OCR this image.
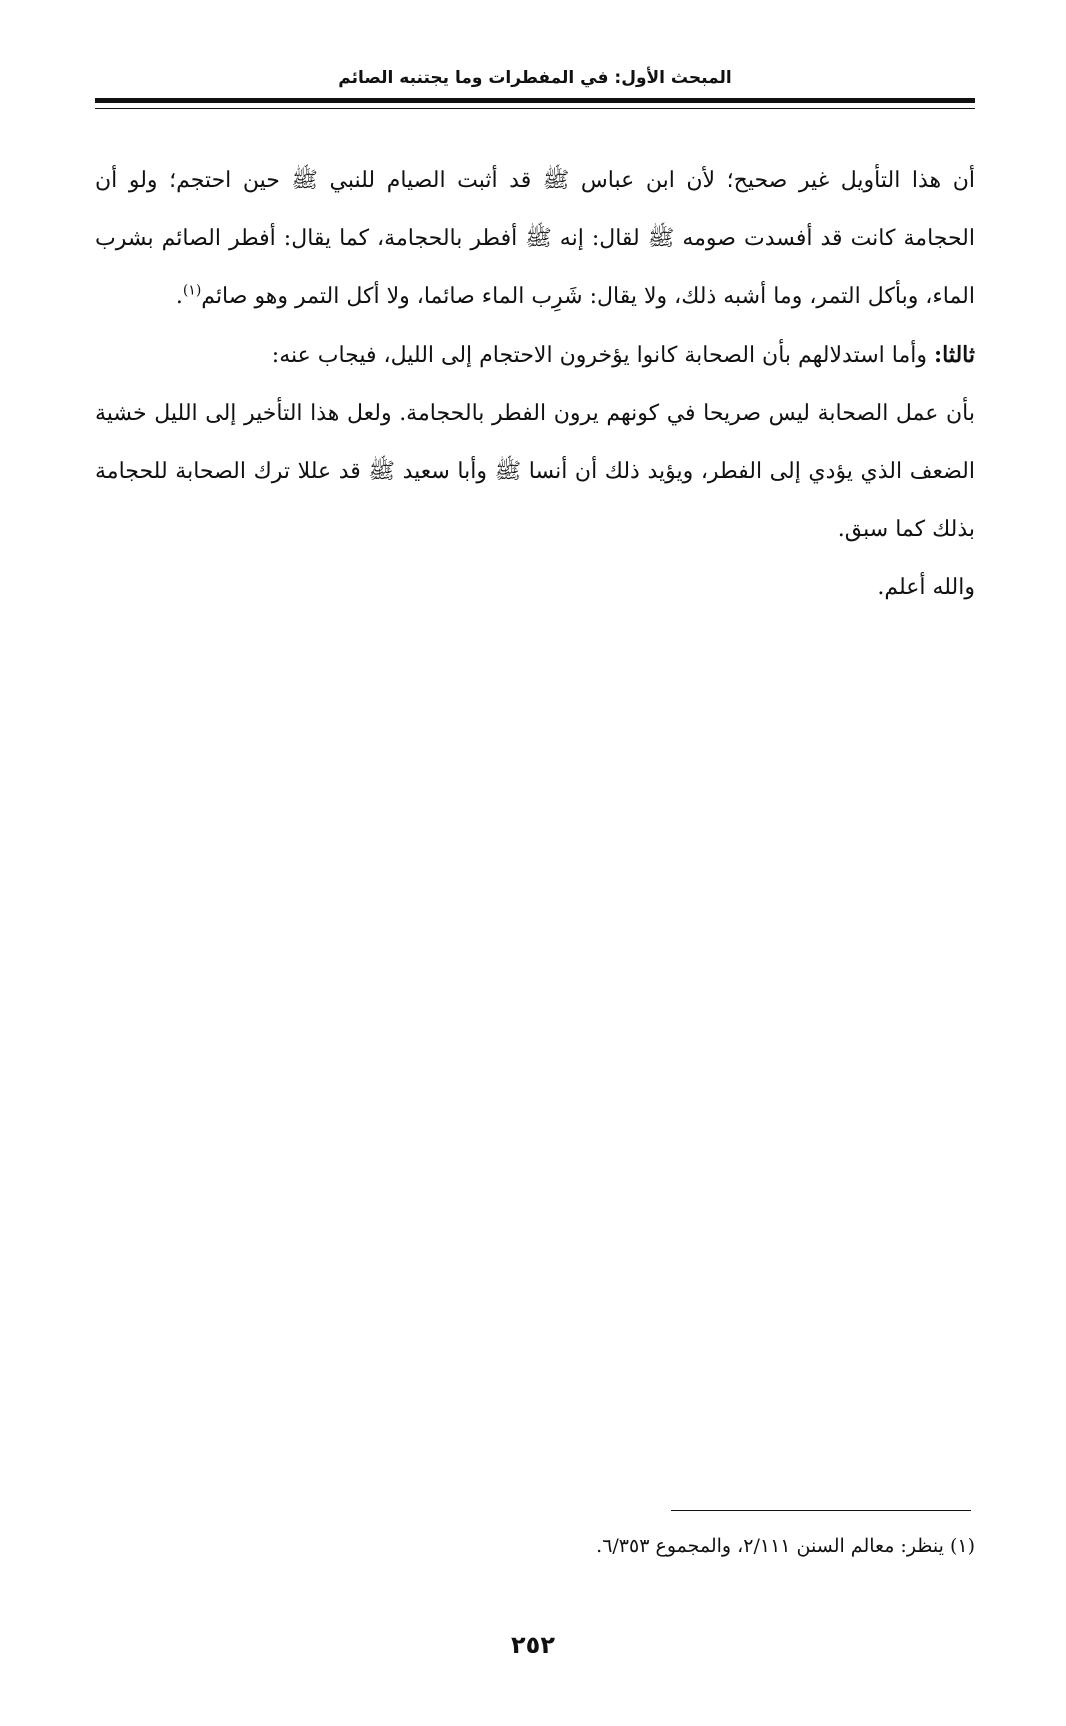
المبحث الأول: في المفطرات وما يجتنبه الصائم

أن هذا التأويل غير صحيح؛ لأن ابن عباس ﷺ قد أثبت الصيام للنبي ﷺ حين احتجم؛ ولو أن الحجامة كانت قد أفسدت صومه ﷺ لقال: إنه ﷺ أفطر بالحجامة، كما يقال: أفطر الصائم بشرب الماء، وبأكل التمر، وما أشبه ذلك، ولا يقال: شَرِب الماء صائما، ولا أكل التمر وهو صائم$^{(١)}$.

ثالثا: وأما استدلالهم بأن الصحابة كانوا يؤخرون الاحتجام إلى الليل، فيجاب عنه:

بأن عمل الصحابة ليس صريحا في كونهم يرون الفطر بالحجامة. ولعل هذا التأخير إلى الليل خشية الضعف الذي يؤدي إلى الفطر، ويؤيد ذلك أن أنسا ﷺ وأبا سعيد ﷺ قد عللا ترك الصحابة للحجامة بذلك كما سبق.

والله أعلم.

(١) ينظر: معالم السنن ٢/١١١، والمجموع ٦/٣٥٣.
٢٥٢
